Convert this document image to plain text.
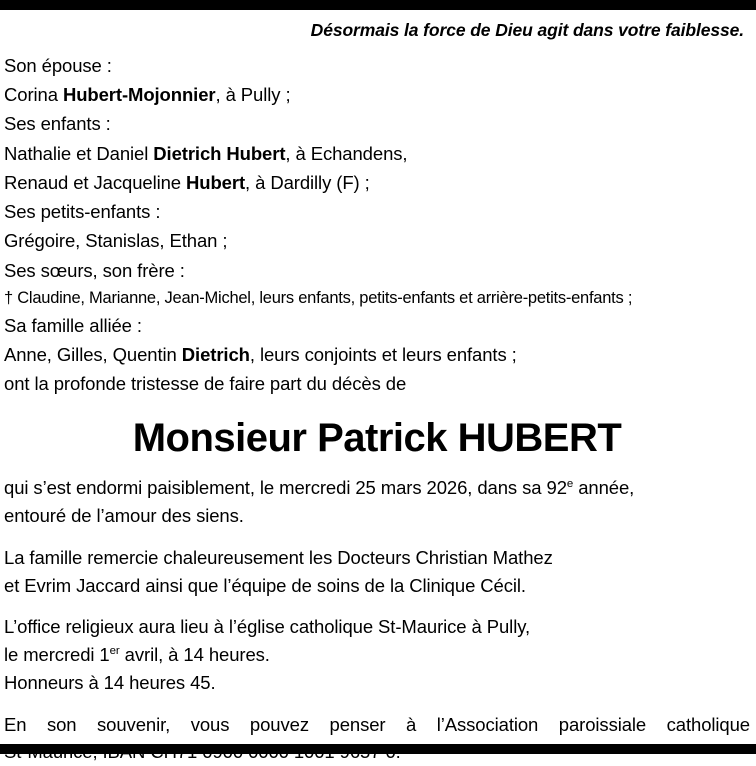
Désormais la force de Dieu agit dans votre faiblesse.
Son épouse :
Corina Hubert-Mojonnier, à Pully ;
Ses enfants :
Nathalie et Daniel Dietrich Hubert, à Echandens,
Renaud et Jacqueline Hubert, à Dardilly (F) ;
Ses petits-enfants :
Grégoire, Stanislas, Ethan ;
Ses sœurs, son frère :
† Claudine, Marianne, Jean-Michel, leurs enfants, petits-enfants et arrière-petits-enfants ;
Sa famille alliée :
Anne, Gilles, Quentin Dietrich, leurs conjoints et leurs enfants ;
ont la profonde tristesse de faire part du décès de
Monsieur Patrick HUBERT
qui s’est endormi paisiblement, le mercredi 25 mars 2026, dans sa 92e année,
entouré de l’amour des siens.
La famille remercie chaleureusement les Docteurs Christian Mathez
et Evrim Jaccard ainsi que l’équipe de soins de la Clinique Cécil.
L’office religieux aura lieu à l’église catholique St-Maurice à Pully,
le mercredi 1er avril, à 14 heures.
Honneurs à 14 heures 45.
En son souvenir, vous pouvez penser à l’Association paroissiale catholique
St-Maurice, IBAN CH71 0900 0000 1001 9657 0.
